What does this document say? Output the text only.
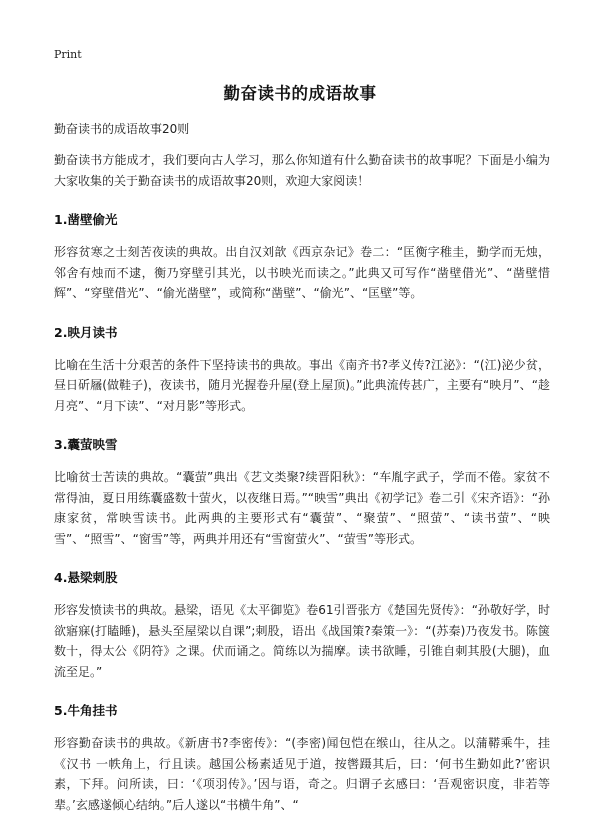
Print
勤奋读书的成语故事
勤奋读书的成语故事20则

勤奋读书方能成才，我们要向古人学习，那么你知道有什么勤奋读书的故事呢？下面是小编为大家收集的关于勤奋读书的成语故事20则，欢迎大家阅读！

1.凿壁偷光

形容贫寒之士刻苦夜读的典故。出自汉刘歆《西京杂记》卷二：“匡衡字稚圭，勤学而无烛，邻舍有烛而不逮，衡乃穿壁引其光，以书映光而读之。”此典又可写作“凿壁借光”、“凿壁惜辉”、“穿壁借光”、“偷光凿壁”，或简称“凿壁”、“偷光”、“匡壁”等。

2.映月读书

比喻在生活十分艰苦的条件下坚持读书的典故。事出《南齐书?孝义传?江泌》：“(江)泌少贫，昼日斫屩(做鞋子)，夜读书，随月光握卷升屋(登上屋顶)。”此典流传甚广，主要有“映月”、“趁月亮”、“月下读”、“对月影”等形式。

3.囊萤映雪

比喻贫士苦读的典故。“囊萤”典出《艺文类聚?续晋阳秋》：“车胤字武子，学而不倦。家贫不常得油，夏日用练囊盛数十萤火，以夜继日焉。”“映雪”典出《初学记》卷二引《宋齐语》：“孙康家贫，常映雪读书。此两典的主要形式有“囊萤”、“聚萤”、“照萤”、“读书萤”、“映雪”、“照雪”、“窗雪”等，两典并用还有“雪窗萤火”、“萤雪”等形式。

4.悬梁刺股

形容发愤读书的典故。悬梁，语见《太平御览》卷61引晋张方《楚国先贤传》：“孙敬好学，时欲寤寐(打瞌睡)，悬头至屋梁以自课”;刺股，语出《战国策?秦策一》：“(苏秦)乃夜发书。陈箧数十，得太公《阴符》之课。伏而诵之。简练以为揣摩。读书欲睡，引锥自刺其股(大腿)，血流至足。”

5.牛角挂书

形容勤奋读书的典故。《新唐书?李密传》：“(李密)闻包恺在缑山，往从之。以蒲鞯乘牛，挂《汉书 一帙角上，行且读。越国公杨素适见于道，按辔蹑其后，曰：‘何书生勤如此?’密识素，下拜。问所读，曰：‘《项羽传》。’因与语，奇之。归谓子玄感曰：‘吾观密识度，非若等辈。’玄感遂倾心结纳。”后人遂以“书横牛角”、“
